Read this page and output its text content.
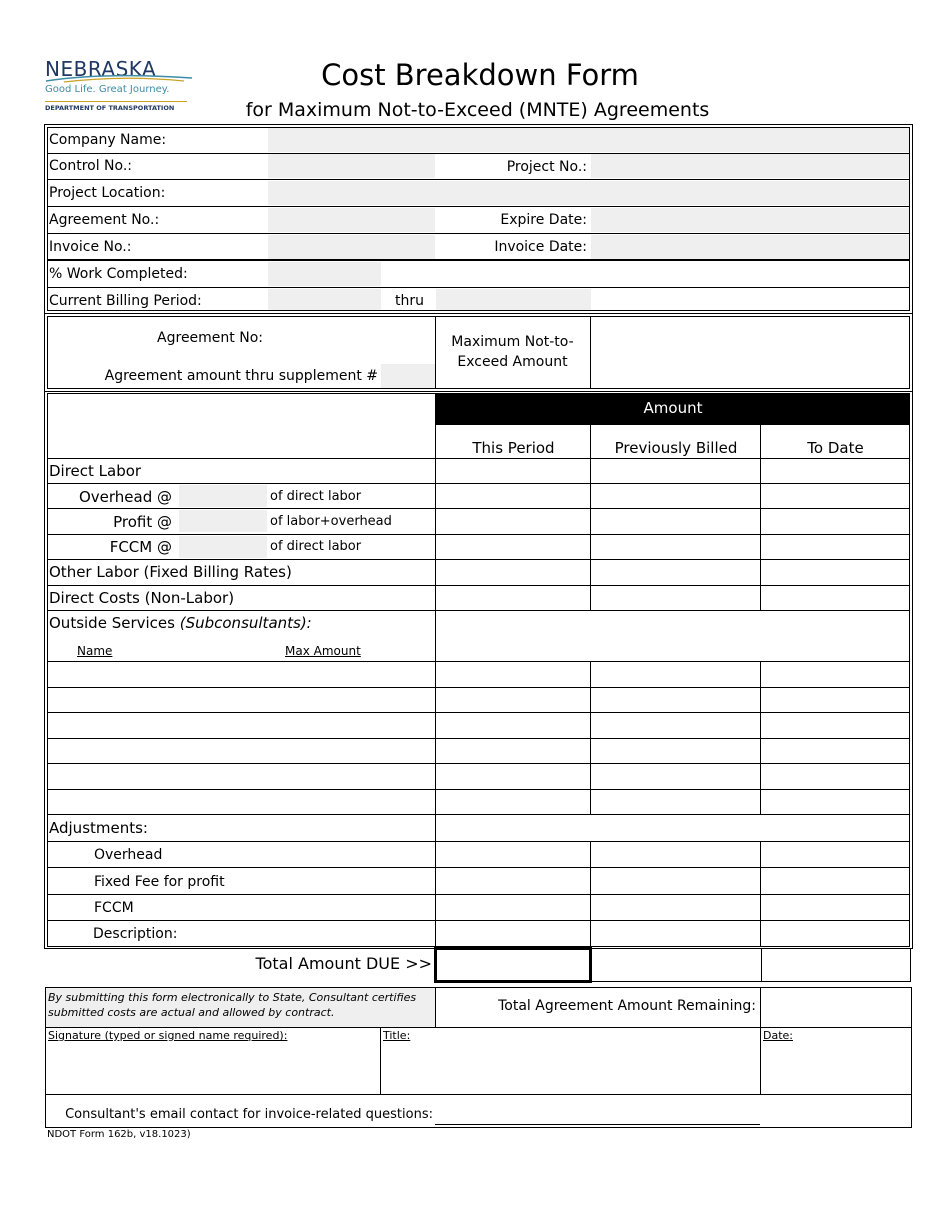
NEBRASKA
Good Life. Great Journey.
DEPARTMENT OF TRANSPORTATION
Cost Breakdown Form
for Maximum Not-to-Exceed (MNTE) Agreements
Company Name:
Control No.:	Project No.:
Project Location:
Agreement No.:	Expire Date:
Invoice No.:	Invoice Date:
% Work Completed:
Current Billing Period:	thru
Agreement No:
Agreement amount thru supplement #
Maximum Not-to-Exceed Amount
Amount
This Period	Previously Billed	To Date
Direct Labor
Overhead @	of direct labor
Profit @	of labor+overhead
FCCM @	of direct labor
Other Labor (Fixed Billing Rates)
Direct Costs (Non-Labor)
Outside Services (Subconsultants):
Name	Max Amount
Adjustments:
Overhead
Fixed Fee for profit
FCCM
Description:
Total Amount DUE >>
By submitting this form electronically to State, Consultant certifies submitted costs are actual and allowed by contract.	Total Agreement Amount Remaining:
Signature (typed or signed name required):	Title:	Date:
Consultant's email contact for invoice-related questions:
NDOT Form 162b, v18.1023)
